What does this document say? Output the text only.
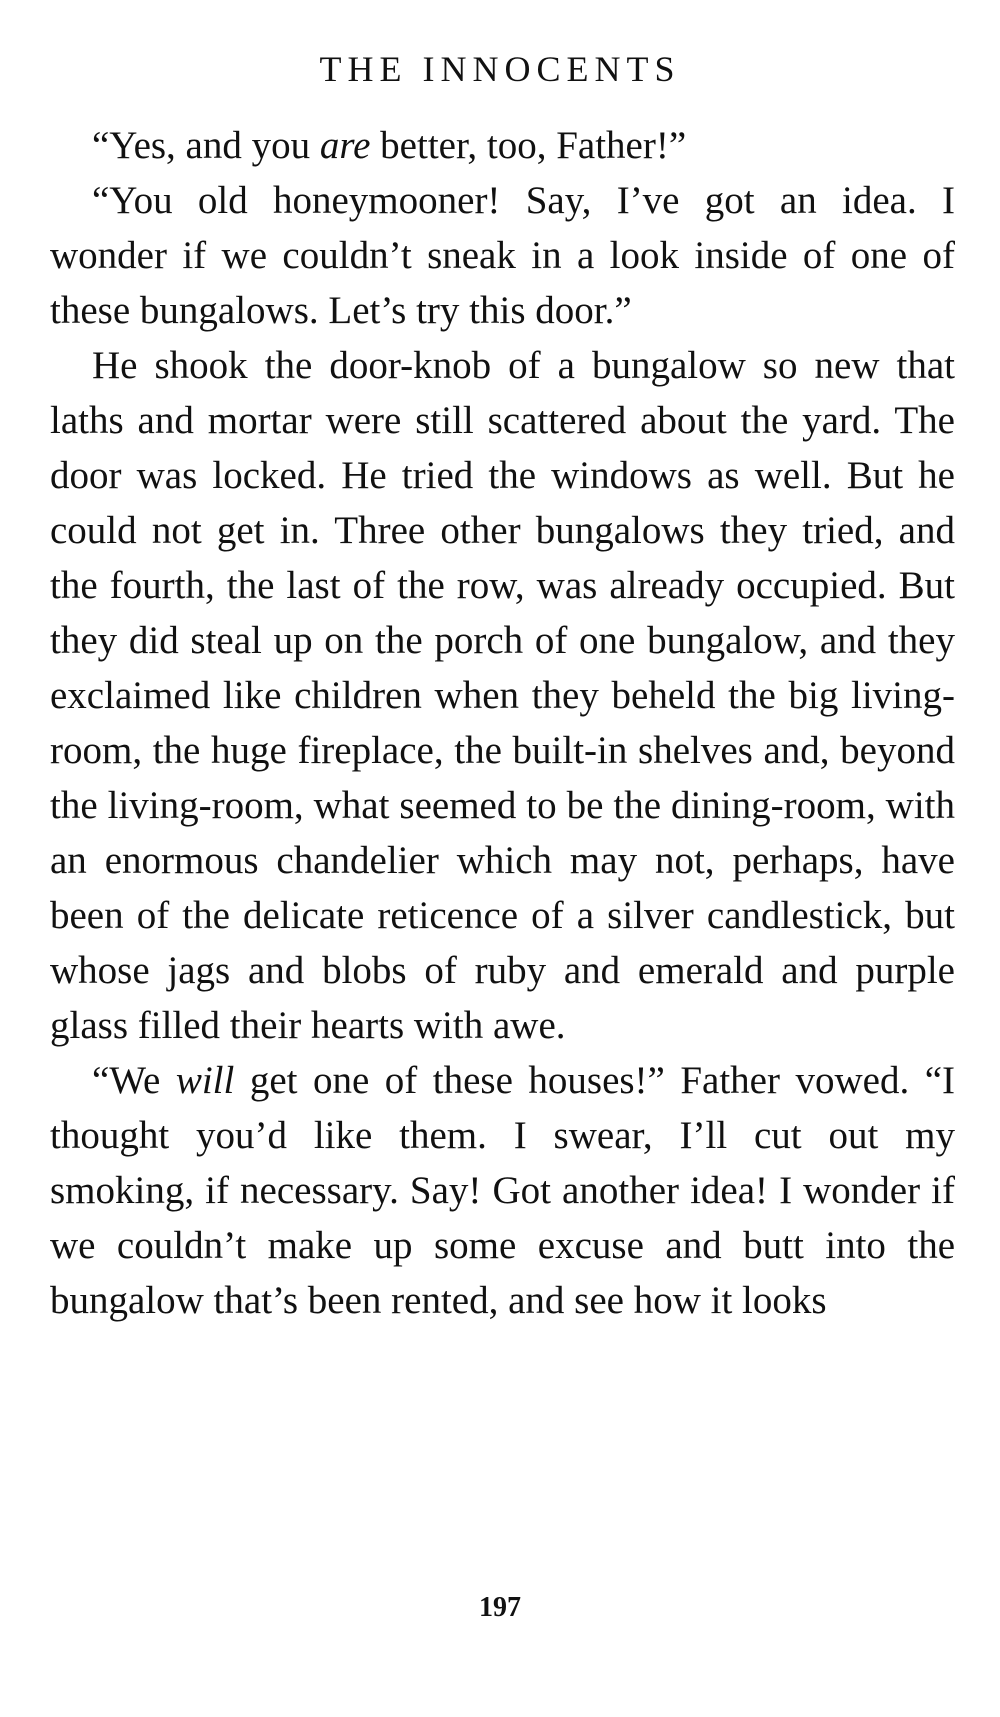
THE INNOCENTS

“Yes, and you are better, too, Father!”

“You old honeymooner! Say, I’ve got an idea. I wonder if we couldn’t sneak in a look inside of one of these bungalows. Let’s try this door.”

He shook the door-knob of a bungalow so new that laths and mortar were still scattered about the yard. The door was locked. He tried the windows as well. But he could not get in. Three other bungalows they tried, and the fourth, the last of the row, was already occupied. But they did steal up on the porch of one bungalow, and they exclaimed like children when they beheld the big living-room, the huge fireplace, the built-in shelves and, beyond the living-room, what seemed to be the dining-room, with an enormous chandelier which may not, perhaps, have been of the delicate reticence of a silver candlestick, but whose jags and blobs of ruby and emerald and purple glass filled their hearts with awe.

“We will get one of these houses!” Father vowed. “I thought you’d like them. I swear, I’ll cut out my smoking, if necessary. Say! Got another idea! I wonder if we couldn’t make up some excuse and butt into the bungalow that’s been rented, and see how it looks

197
